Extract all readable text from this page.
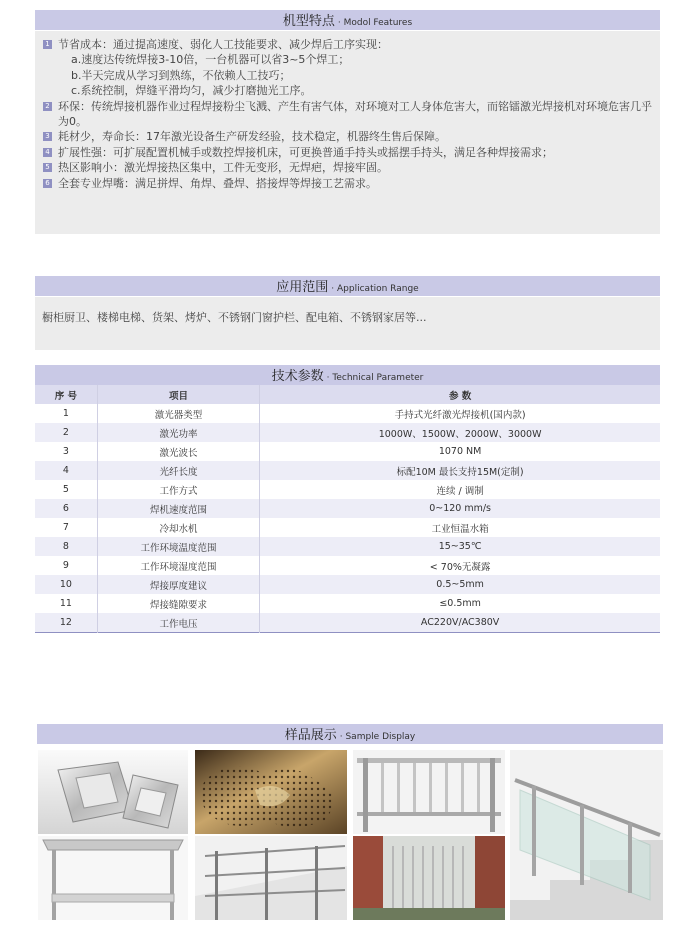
机型特点 · Modol Features
1 节省成本：通过提高速度、弱化人工技能要求、减少焊后工序实现：
a.速度达传统焊接3-10倍，一台机器可以省3~5个焊工；
b.半天完成从学习到熟练，不依赖人工技巧；
c.系统控制，焊缝平滑均匀，减少打磨抛光工序。
2 环保：传统焊接机器作业过程焊接粉尘飞溅、产生有害气体，对环境对工人身体危害大，而铭镭激光焊接机对环境危害几乎为0。
3 耗材少，寿命长：17年激光设备生产研发经验，技术稳定，机器终生售后保障。
4 扩展性强：可扩展配置机械手或数控焊接机床，可更换普通手持头或摇摆手持头，满足各种焊接需求；
5 热区影响小：激光焊接热区集中，工件无变形，无焊疤，焊接牢固。
6 全套专业焊嘴：满足拼焊、角焊、叠焊、搭接焊等焊接工艺需求。
应用范围 · Application Range
橱柜厨卫、楼梯电梯、货架、烤炉、不锈钢门窗护栏、配电箱、不锈钢家居等...
技术参数 · Technical Parameter
序 号	项目	参 数
1	激光器类型	手持式光纤激光焊接机(国内款)
2	激光功率	1000W、1500W、2000W、3000W
3	激光波长	1070 NM
4	光纤长度	标配10M 最长支持15M(定制)
5	工作方式	连续 / 调制
6	焊机速度范围	0~120 mm/s
7	冷却水机	工业恒温水箱
8	工作环境温度范围	15~35℃
9	工作环境湿度范围	< 70%无凝露
10	焊接厚度建议	0.5~5mm
11	焊接缝隙要求	≤0.5mm
12	工作电压	AC220V/AC380V
样品展示 · Sample Display
